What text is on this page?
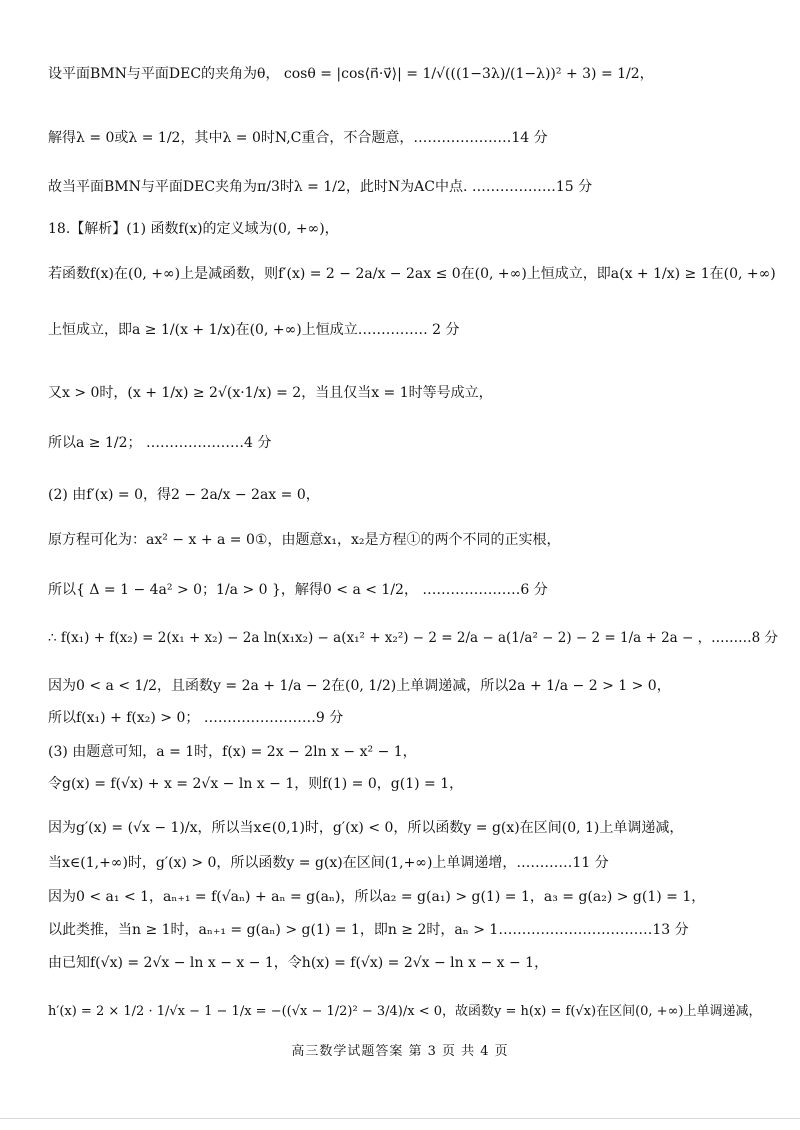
设平面BMN与平面DEC的夹角为θ， cosθ = |cos⟨n⃗·v⃗⟩| = 1/√(((1−3λ)/(1−λ))² + 3) = 1/2，
解得λ = 0或λ = 1/2，其中λ = 0时N,C重合，不合题意，…………………14 分
故当平面BMN与平面DEC夹角为π/3时λ = 1/2，此时N为AC中点. ………………15 分
18.【解析】(1) 函数f(x)的定义域为(0, +∞)，
若函数f(x)在(0, +∞)上是减函数，则f′(x) = 2 − 2a/x − 2ax ≤ 0在(0, +∞)上恒成立，即a(x + 1/x) ≥ 1在(0, +∞)
上恒成立，即a ≥ 1/(x + 1/x)在(0, +∞)上恒成立…………… 2 分
又x > 0时，(x + 1/x) ≥ 2√(x·1/x) = 2，当且仅当x = 1时等号成立，
所以a ≥ 1/2； …………………4 分
(2) 由f′(x) = 0，得2 − 2a/x − 2ax = 0，
原方程可化为：ax² − x + a = 0①，由题意x₁，x₂是方程①的两个不同的正实根，
所以{ Δ = 1 − 4a² > 0；1/a > 0 }，解得0 < a < 1/2， …………………6 分
∴ f(x₁) + f(x₂) = 2(x₁ + x₂) − 2a ln(x₁x₂) − a(x₁² + x₂²) − 2 = 2/a − a(1/a² − 2) − 2 = 1/a + 2a − ，………8 分
因为0 < a < 1/2，且函数y = 2a + 1/a − 2在(0, 1/2)上单调递减，所以2a + 1/a − 2 > 1 > 0，
所以f(x₁) + f(x₂) > 0； ……………………9 分
(3) 由题意可知，a = 1时，f(x) = 2x − 2ln x − x² − 1，
令g(x) = f(√x) + x = 2√x − ln x − 1，则f(1) = 0，g(1) = 1，
因为g′(x) = (√x − 1)/x，所以当x∈(0,1)时，g′(x) < 0，所以函数y = g(x)在区间(0, 1)上单调递减，
当x∈(1,+∞)时，g′(x) > 0，所以函数y = g(x)在区间(1,+∞)上单调递增，…………11 分
因为0 < a₁ < 1，aₙ₊₁ = f(√aₙ) + aₙ = g(aₙ)，所以a₂ = g(a₁) > g(1) = 1，a₃ = g(a₂) > g(1) = 1，
以此类推，当n ≥ 1时，aₙ₊₁ = g(aₙ) > g(1) = 1，即n ≥ 2时，aₙ > 1……………………………13 分
由已知f(√x) = 2√x − ln x − x − 1，令h(x) = f(√x) = 2√x − ln x − x − 1，
h′(x) = 2 × 1/2 · 1/√x − 1 − 1/x = −((√x − 1/2)² − 3/4)/x < 0，故函数y = h(x) = f(√x)在区间(0, +∞)上单调递减，
高三数学试题答案 第 3 页 共 4 页
